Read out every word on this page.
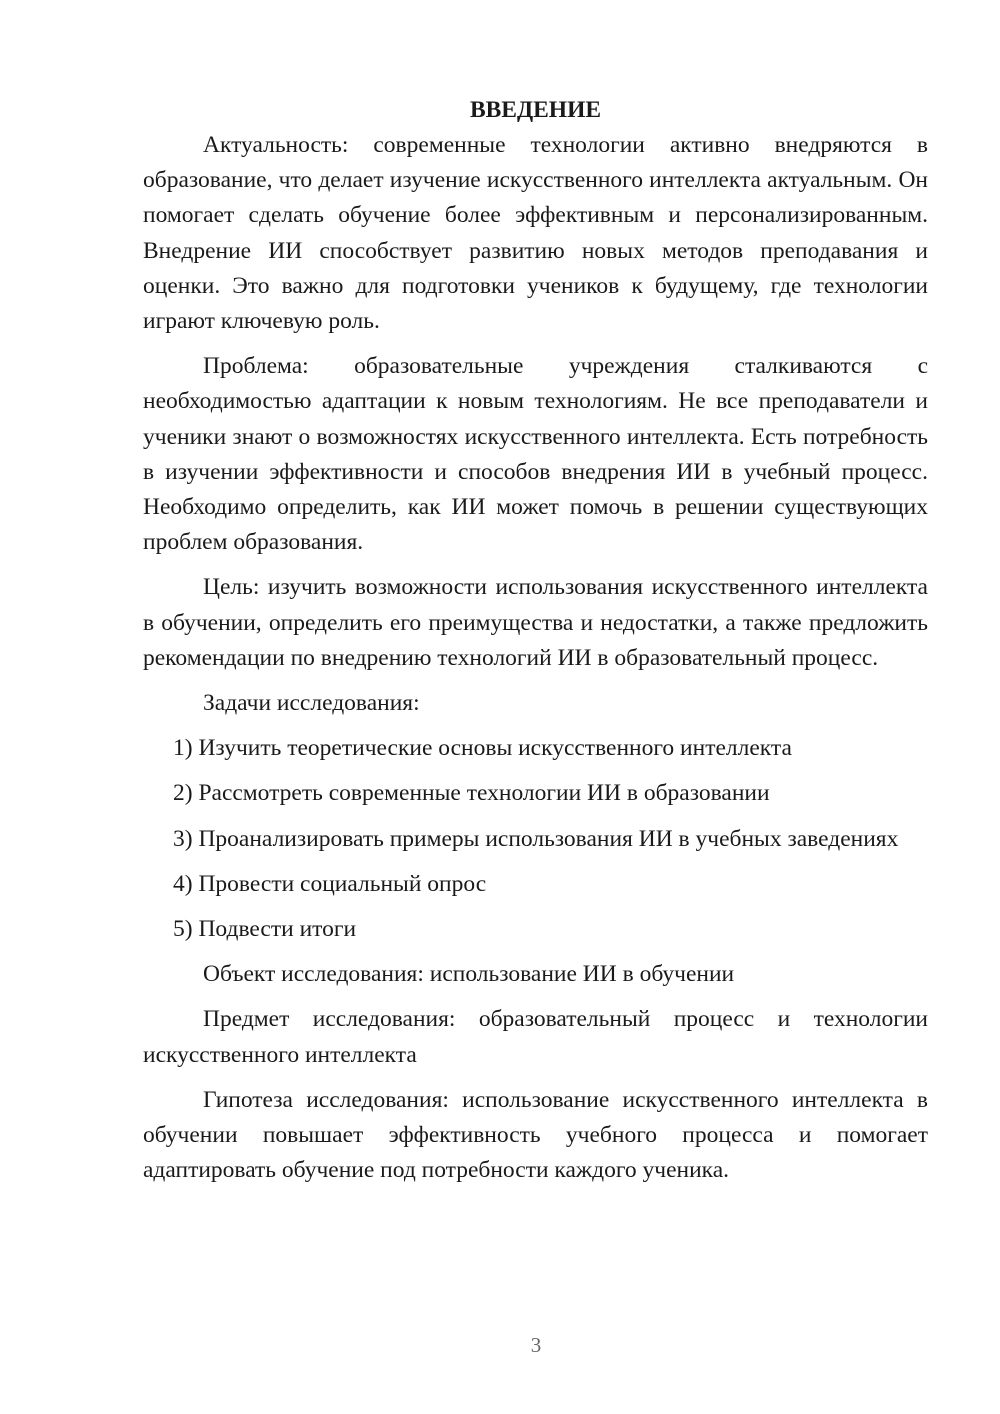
ВВЕДЕНИЕ

Актуальность: современные технологии активно внедряются в образование, что делает изучение искусственного интеллекта актуальным. Он помогает сделать обучение более эффективным и персонализированным. Внедрение ИИ способствует развитию новых методов преподавания и оценки. Это важно для подготовки учеников к будущему, где технологии играют ключевую роль.

Проблема: образовательные учреждения сталкиваются с необходимостью адаптации к новым технологиям. Не все преподаватели и ученики знают о возможностях искусственного интеллекта. Есть потребность в изучении эффективности и способов внедрения ИИ в учебный процесс. Необходимо определить, как ИИ может помочь в решении существующих проблем образования.

Цель: изучить возможности использования искусственного интеллекта в обучении, определить его преимущества и недостатки, а также предложить рекомендации по внедрению технологий ИИ в образовательный процесс.

Задачи исследования:

1) Изучить теоретические основы искусственного интеллекта

2) Рассмотреть современные технологии ИИ в образовании

3) Проанализировать примеры использования ИИ в учебных заведениях

4) Провести социальный опрос

5) Подвести итоги

Объект исследования: использование ИИ в обучении

Предмет исследования: образовательный процесс и технологии искусственного интеллекта

Гипотеза исследования: использование искусственного интеллекта в обучении повышает эффективность учебного процесса и помогает адаптировать обучение под потребности каждого ученика.

3
